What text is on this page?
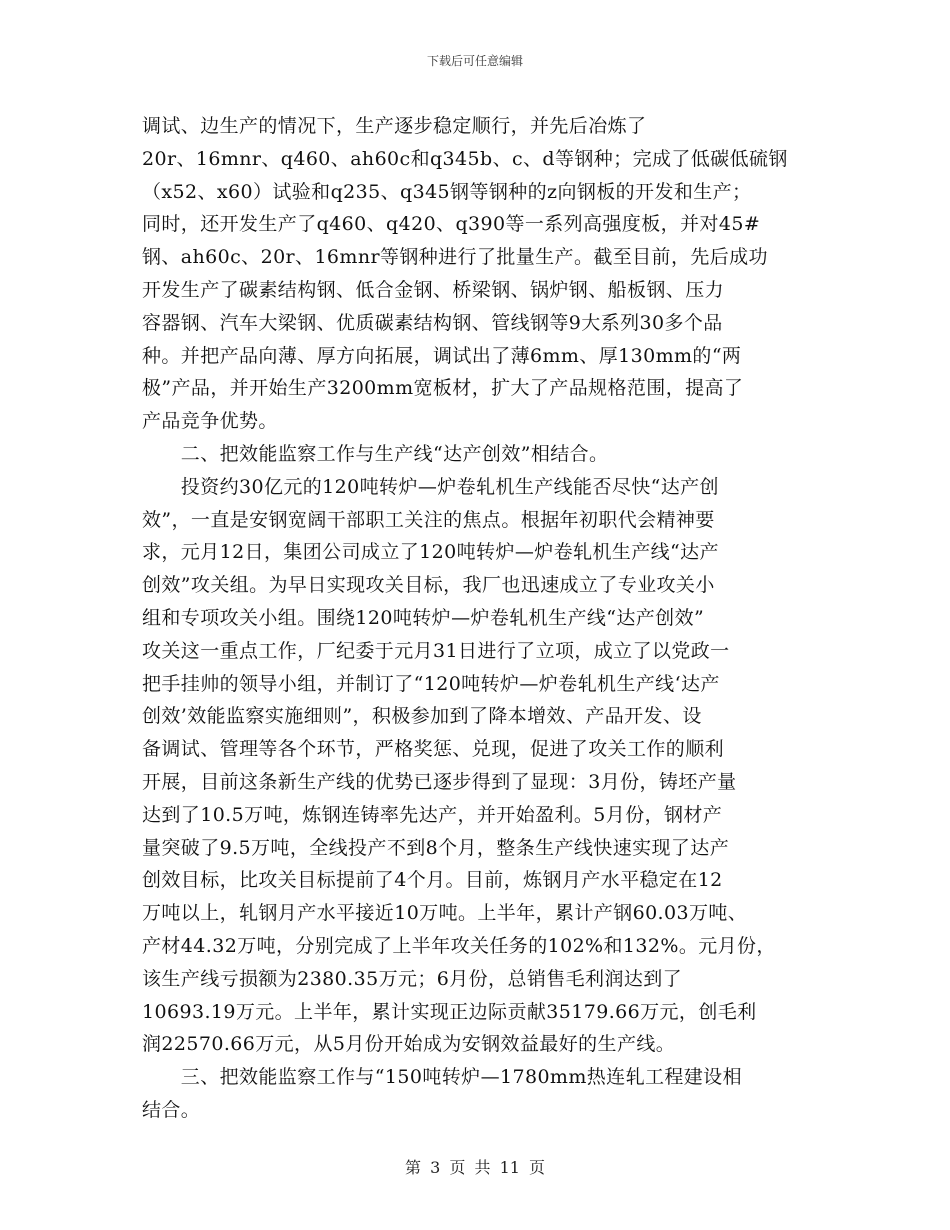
下载后可任意编辑
调试、边生产的情况下，生产逐步稳定顺行，并先后冶炼了
20r、16mnr、q460、ah60c和q345b、c、d等钢种；完成了低碳低硫钢
（x52、x60）试验和q235、q345钢等钢种的z向钢板的开发和生产；
同时，还开发生产了q460、q420、q390等一系列高强度板，并对45#
钢、ah60c、20r、16mnr等钢种进行了批量生产。截至目前，先后成功
开发生产了碳素结构钢、低合金钢、桥梁钢、锅炉钢、船板钢、压力
容器钢、汽车大梁钢、优质碳素结构钢、管线钢等9大系列30多个品
种。并把产品向薄、厚方向拓展，调试出了薄6mm、厚130mm的“两
极”产品，并开始生产3200mm宽板材，扩大了产品规格范围，提高了
产品竞争优势。
　　二、把效能监察工作与生产线“达产创效”相结合。
　　投资约30亿元的120吨转炉—炉卷轧机生产线能否尽快“达产创
效”，一直是安钢宽阔干部职工关注的焦点。根据年初职代会精神要
求，元月12日，集团公司成立了120吨转炉—炉卷轧机生产线“达产
创效”攻关组。为早日实现攻关目标，我厂也迅速成立了专业攻关小
组和专项攻关小组。围绕120吨转炉—炉卷轧机生产线“达产创效”
攻关这一重点工作，厂纪委于元月31日进行了立项，成立了以党政一
把手挂帅的领导小组，并制订了“120吨转炉—炉卷轧机生产线‘达产
创效’效能监察实施细则”，积极参加到了降本增效、产品开发、设
备调试、管理等各个环节，严格奖惩、兑现，促进了攻关工作的顺利
开展，目前这条新生产线的优势已逐步得到了显现：3月份，铸坯产量
达到了10.5万吨，炼钢连铸率先达产，并开始盈利。5月份，钢材产
量突破了9.5万吨，全线投产不到8个月，整条生产线快速实现了达产
创效目标，比攻关目标提前了4个月。目前，炼钢月产水平稳定在12
万吨以上，轧钢月产水平接近10万吨。上半年，累计产钢60.03万吨、
产材44.32万吨，分别完成了上半年攻关任务的102%和132%。元月份，
该生产线亏损额为2380.35万元；6月份，总销售毛利润达到了
10693.19万元。上半年，累计实现正边际贡献35179.66万元，创毛利
润22570.66万元，从5月份开始成为安钢效益最好的生产线。
　　三、把效能监察工作与“150吨转炉—1780mm热连轧工程建设相
结合。
第 3 页 共 11 页
